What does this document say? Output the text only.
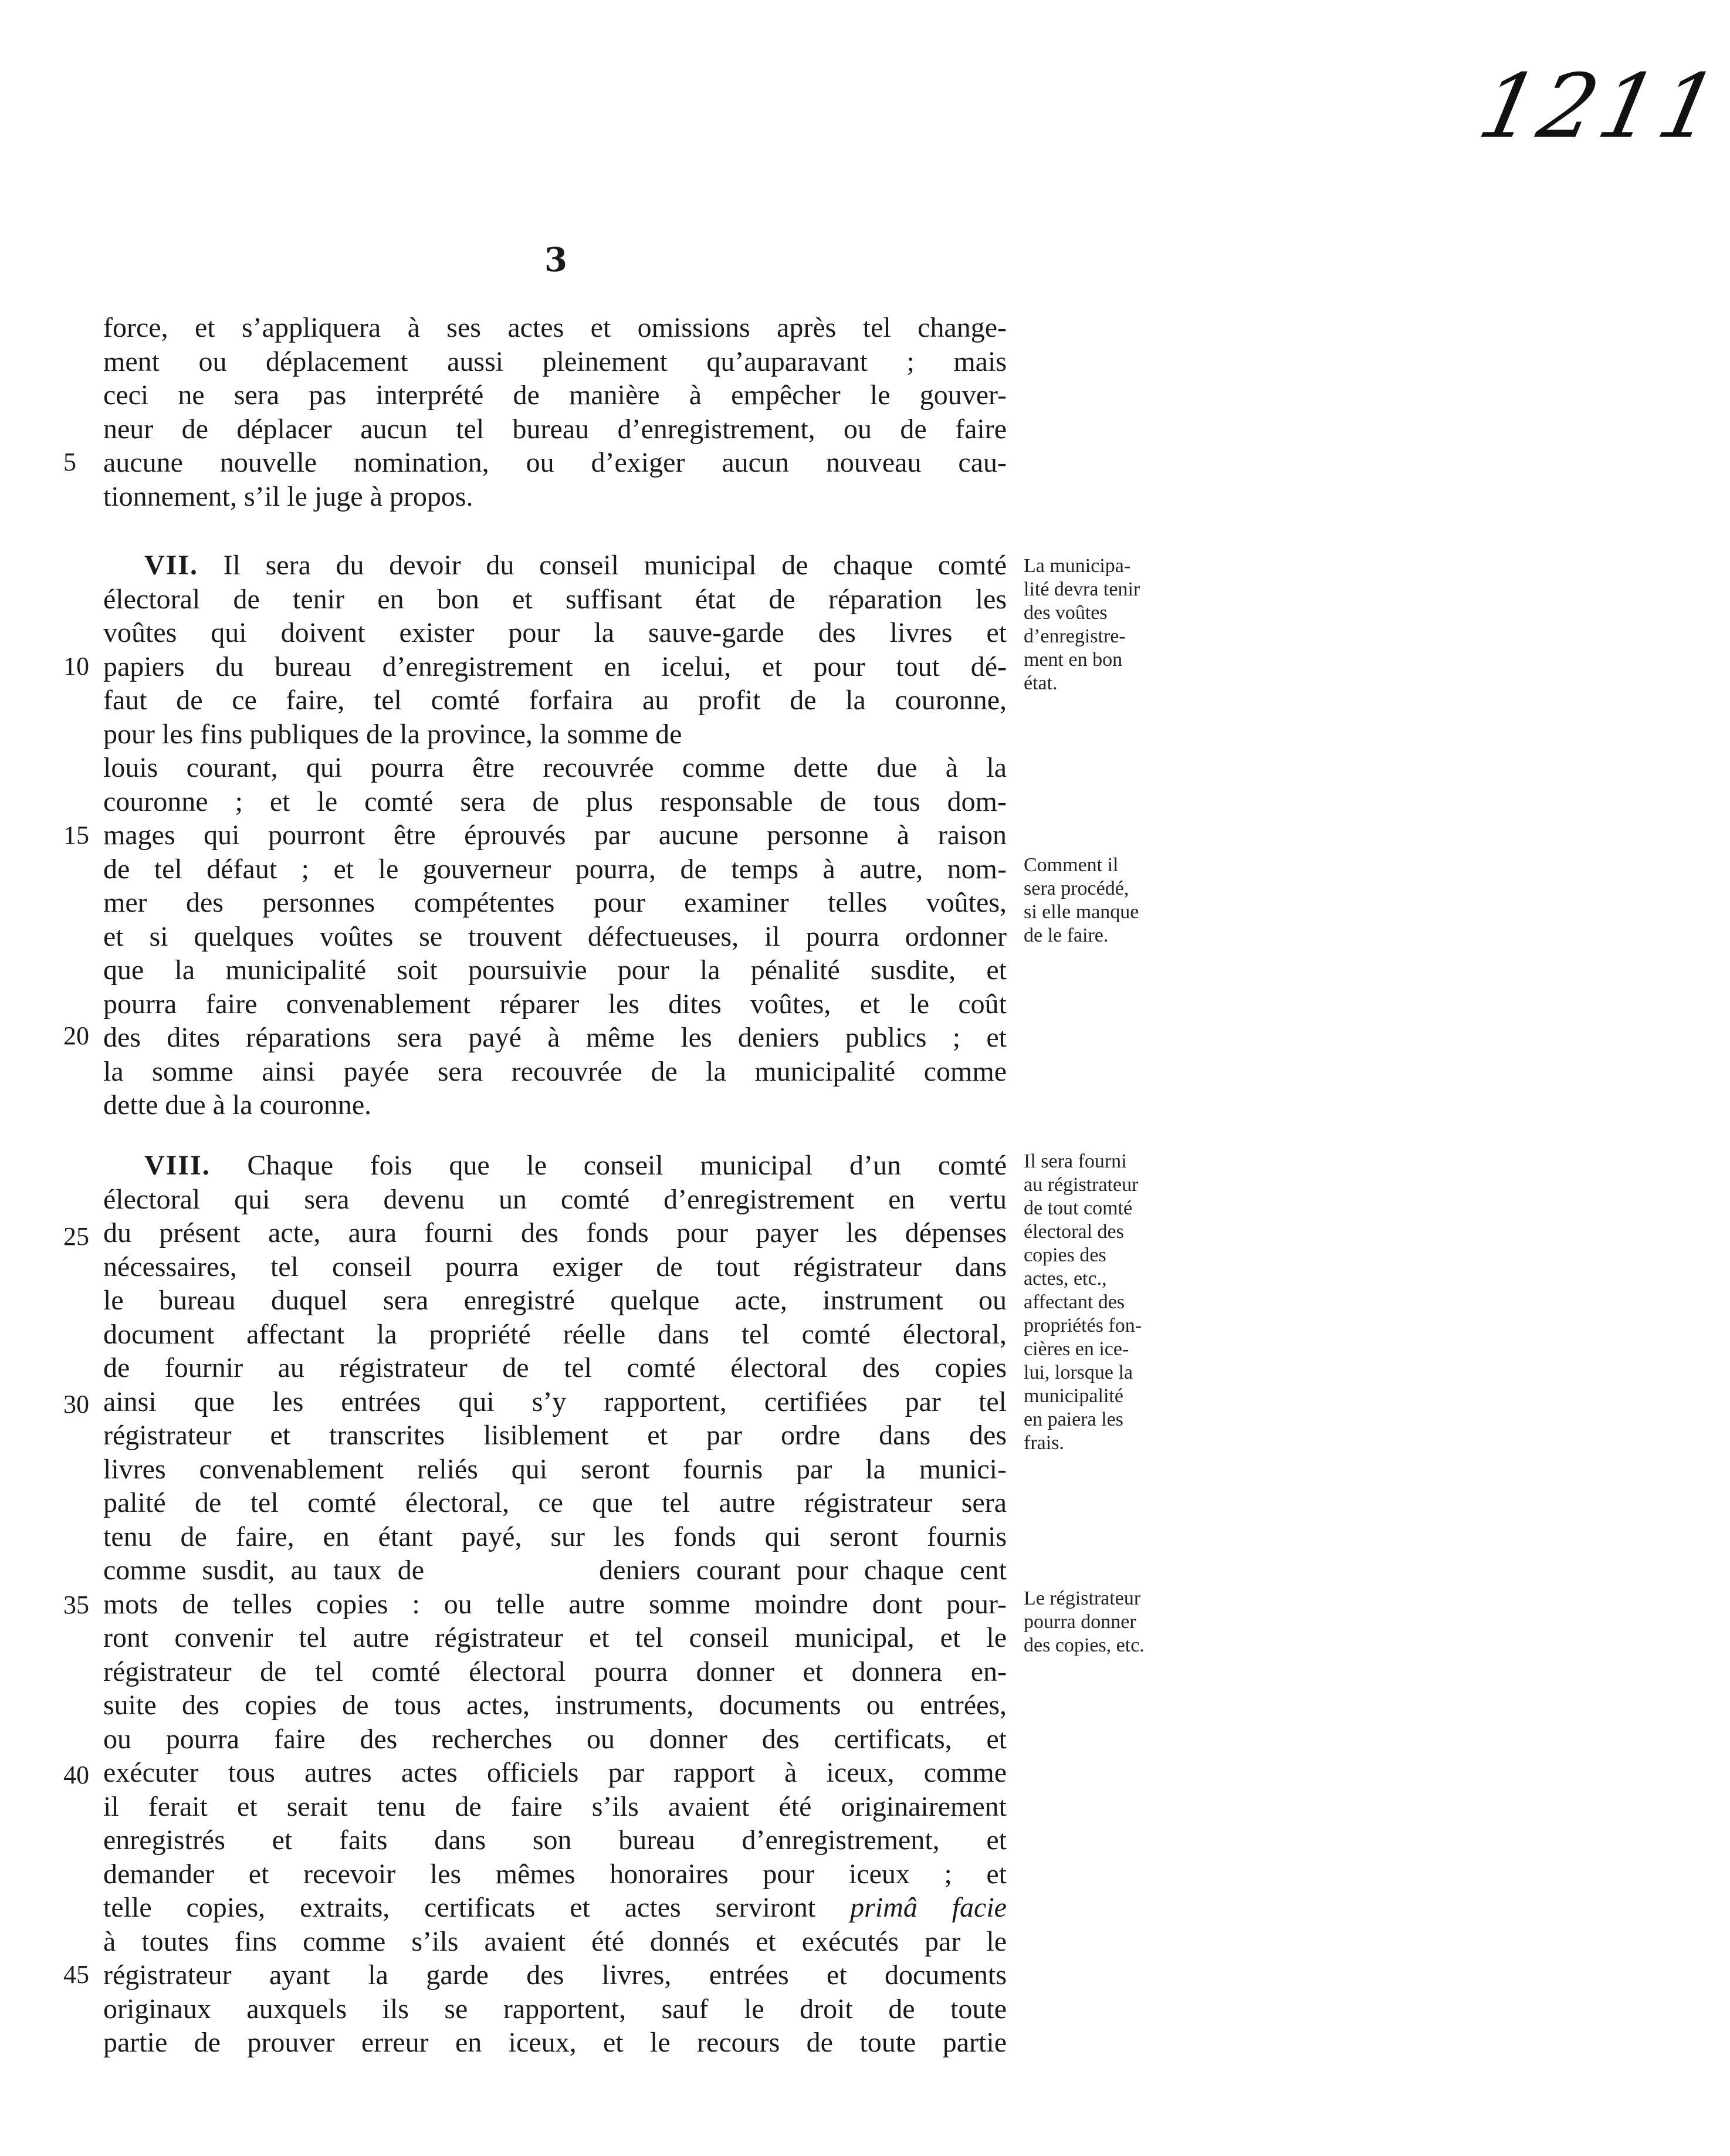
1211
3
force, et s’appliquera à ses actes et omissions après tel change-
ment ou déplacement aussi pleinement qu’auparavant ; mais
ceci ne sera pas interprété de manière à empêcher le gouver-
neur de déplacer aucun tel bureau d’enregistrement, ou de faire
aucune nouvelle nomination, ou d’exiger aucun nouveau cau-
tionnement, s’il le juge à propos.
VII. Il sera du devoir du conseil municipal de chaque comté
électoral de tenir en bon et suffisant état de réparation les
voûtes qui doivent exister pour la sauve-garde des livres et
papiers du bureau d’enregistrement en icelui, et pour tout dé-
faut de ce faire, tel comté forfaira au profit de la couronne,
pour les fins publiques de la province, la somme de
louis courant, qui pourra être recouvrée comme dette due à la
couronne ; et le comté sera de plus responsable de tous dom-
mages qui pourront être éprouvés par aucune personne à raison
de tel défaut ; et le gouverneur pourra, de temps à autre, nom-
mer des personnes compétentes pour examiner telles voûtes,
et si quelques voûtes se trouvent défectueuses, il pourra ordonner
que la municipalité soit poursuivie pour la pénalité susdite, et
pourra faire convenablement réparer les dites voûtes, et le coût
des dites réparations sera payé à même les deniers publics ; et
la somme ainsi payée sera recouvrée de la municipalité comme
dette due à la couronne.
VIII. Chaque fois que le conseil municipal d’un comté
électoral qui sera devenu un comté d’enregistrement en vertu
du présent acte, aura fourni des fonds pour payer les dépenses
nécessaires, tel conseil pourra exiger de tout régistrateur dans
le bureau duquel sera enregistré quelque acte, instrument ou
document affectant la propriété réelle dans tel comté électoral,
de fournir au régistrateur de tel comté électoral des copies
ainsi que les entrées qui s’y rapportent, certifiées par tel
régistrateur et transcrites lisiblement et par ordre dans des
livres convenablement reliés qui seront fournis par la munici-
palité de tel comté électoral, ce que tel autre régistrateur sera
tenu de faire, en étant payé, sur les fonds qui seront fournis
comme susdit, au taux de           deniers courant pour chaque cent
mots de telles copies : ou telle autre somme moindre dont pour-
ront convenir tel autre régistrateur et tel conseil municipal, et le
régistrateur de tel comté électoral pourra donner et donnera en-
suite des copies de tous actes, instruments, documents ou entrées,
ou pourra faire des recherches ou donner des certificats, et
exécuter tous autres actes officiels par rapport à iceux, comme
il ferait et serait tenu de faire s’ils avaient été originairement
enregistrés et faits dans son bureau d’enregistrement, et
demander et recevoir les mêmes honoraires pour iceux ; et
telle copies, extraits, certificats et actes serviront primâ facie
à toutes fins comme s’ils avaient été donnés et exécutés par le
régistrateur ayant la garde des livres, entrées et documents
originaux auxquels ils se rapportent, sauf le droit de toute
partie de prouver erreur en iceux, et le recours de toute partie
5
10
15
20
25
30
35
40
45
La municipa-
lité devra tenir
des voûtes
d’enregistre-
ment en bon
état.
Comment il
sera procédé,
si elle manque
de le faire.
Il sera fourni
au régistrateur
de tout comté
électoral des
copies des
actes, etc.,
affectant des
propriétés fon-
cières en ice-
lui, lorsque la
municipalité
en paiera les
frais.
Le régistrateur
pourra donner
des copies, etc.
